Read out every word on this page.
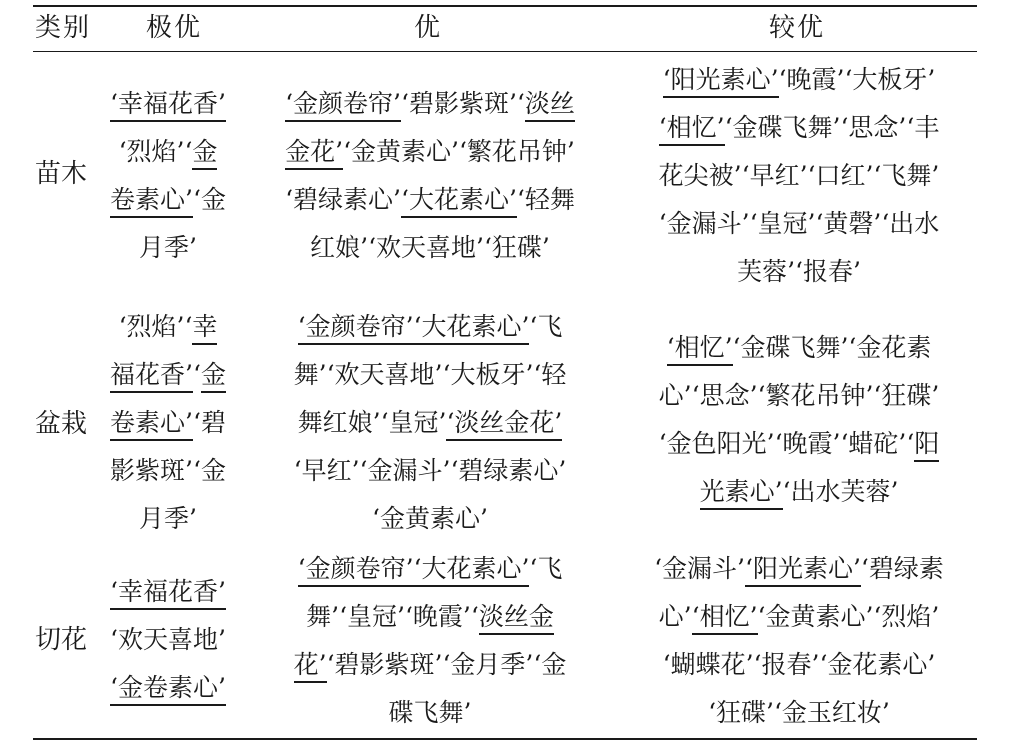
类别 极优	优	较优
苗木
‘幸福花香’
‘烈焰’‘金
卷素心’‘金
月季’
‘金颜卷帘’‘碧影紫斑’‘淡丝
金花’‘金黄素心’‘繁花吊钟’
‘碧绿素心’‘大花素心’‘轻舞
红娘’‘欢天喜地’‘狂碟’
‘阳光素心’‘晚霞’‘大板牙’
‘相忆’‘金碟飞舞’‘思念’‘丰
花尖被’‘早红’‘口红’‘飞舞’
‘金漏斗’‘皇冠’‘黄磬’‘出水
芙蓉’‘报春’
盆栽
‘烈焰’‘幸
福花香’‘金
卷素心’‘碧
影紫斑’‘金
月季’
‘金颜卷帘’‘大花素心’‘飞
舞’‘欢天喜地’‘大板牙’‘轻
舞红娘’‘皇冠’‘淡丝金花’
‘早红’‘金漏斗’‘碧绿素心’
‘金黄素心’
‘相忆’‘金碟飞舞’‘金花素
心’‘思念’‘繁花吊钟’‘狂碟’
‘金色阳光’‘晚霞’‘蜡砣’‘阳
光素心’‘出水芙蓉’
切花
‘幸福花香’
‘欢天喜地’
‘金卷素心’
‘金颜卷帘’‘大花素心’‘飞
舞’‘皇冠’‘晚霞’‘淡丝金
花’‘碧影紫斑’‘金月季’‘金
碟飞舞’
‘金漏斗’‘阳光素心’‘碧绿素
心’‘相忆’‘金黄素心’‘烈焰’
‘蝴蝶花’‘报春’‘金花素心’
‘狂碟’‘金玉红妆’
